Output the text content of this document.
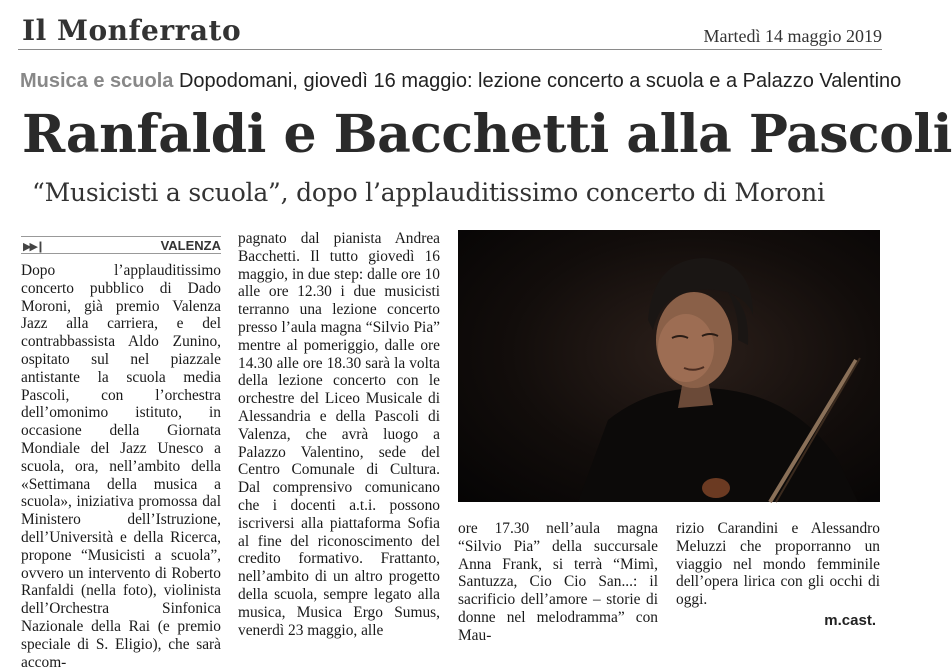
Il Monferrato	Martedì 14 maggio 2019
Musica e scuola Dopodomani, giovedì 16 maggio: lezione concerto a scuola e a Palazzo Valentino
Ranfaldi e Bacchetti alla Pascoli
“Musicisti a scuola”, dopo l’applauditissimo concerto di Moroni
▶▶❙	VALENZA

Dopo l’applauditissimo concerto pubblico di Dado Moroni, già premio Valenza Jazz alla carriera, e del contrabbassista Aldo Zunino, ospitato sul nel piazzale antistante la scuola media Pascoli, con l’orchestra dell’omonimo istituto, in occasione della Giornata Mondiale del Jazz Unesco a scuola, ora, nell’ambito della «Settimana della musica a scuola», iniziativa promossa dal Ministero dell’Istruzione, dell’Università e della Ricerca, propone “Musicisti a scuola”, ovvero un intervento di Roberto Ranfaldi (nella foto), violinista dell’Orchestra Sinfonica Nazionale della Rai (e premio speciale di S. Eligio), che sarà accom-

pagnato dal pianista Andrea Bacchetti. Il tutto giovedì 16 maggio, in due step: dalle ore 10 alle ore 12.30 i due musicisti terranno una lezione concerto presso l’aula magna “Silvio Pia” mentre al pomeriggio, dalle ore 14.30 alle ore 18.30 sarà la volta della lezione concerto con le orchestre del Liceo Musicale di Alessandria e della Pascoli di Valenza, che avrà luogo a Palazzo Valentino, sede del Centro Comunale di Cultura. Dal comprensivo comunicano che i docenti a.t.i. possono iscriversi alla piattaforma Sofia al fine del riconoscimento del credito formativo. Frattanto, nell’ambito di un altro progetto della scuola, sempre legato alla musica, Musica Ergo Sumus, venerdì 23 maggio, alle

ore 17.30 nell’aula magna “Silvio Pia” della succursale Anna Frank, si terrà “Mimì, Santuzza, Cio Cio San...: il sacrificio dell’amore – storie di donne nel melodramma” con Mau-

rizio Carandini e Alessandro Meluzzi che proporranno un viaggio nel mondo femminile dell’opera lirica con gli occhi di oggi.

m.cast.
